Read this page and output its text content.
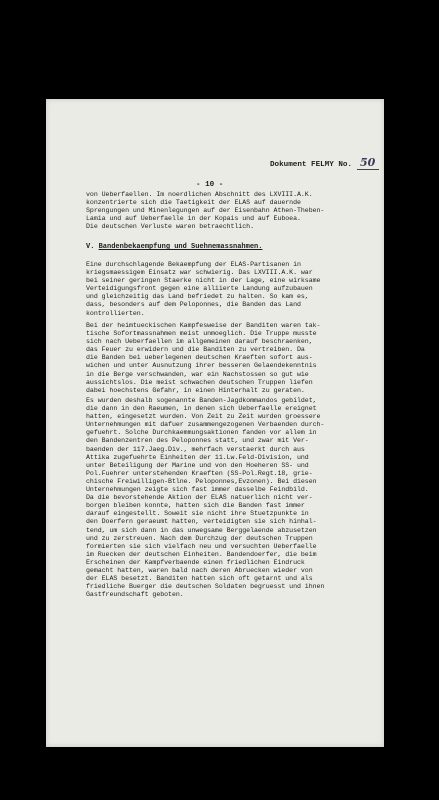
Dokument FELMY No. 50
- 10 -

von Ueberfaellen. Im noerdlichen Abschnitt des LXVIII.A.K.
konzentrierte sich die Taetigkeit der ELAS auf dauernde
Sprengungen und Minenlegungen auf der Eisenbahn Athen-Theben-
Lamia und auf Ueberfaelle in der Kopais und auf Euboea.
Die deutschen Verluste waren betraechtlich.

V. Bandenbekaempfung und Suehnemassnahmen.

Eine durchschlagende Bekaempfung der ELAS-Partisanen in
kriegsmaessigem Einsatz war schwierig. Das LXVIII.A.K. war
bei seiner geringen Staerke nicht in der Lage, eine wirksame
Verteidigungsfront gegen eine alliierte Landung aufzubauen
und gleichzeitig das Land befriedet zu halten. So kam es,
dass, besonders auf dem Peloponnes, die Banden das Land
kontrollierten.

Bei der heimtueckischen Kampfesweise der Banditen waren tak-
tische Sofortmassnahmen meist unmoeglich. Die Truppe musste
sich nach Ueberfaellen im allgemeinen darauf beschraenken,
das Feuer zu erwidern und die Banditen zu vertreiben. Da
die Banden bei ueberlegenen deutschen Kraeften sofort aus-
wichen und unter Ausnutzung ihrer besseren Gelaendekenntnis
in die Berge verschwanden, war ein Nachstossen so gut wie
aussichtslos. Die meist schwachen deutschen Truppen liefen
dabei hoechstens Gefahr, in einen Hinterhalt zu geraten.

Es wurden deshalb sogenannte Banden-Jagdkommandos gebildet,
die dann in den Raeumen, in denen sich Ueberfaelle ereignet
hatten, eingesetzt wurden. Von Zeit zu Zeit wurden groessere
Unternehmungen mit dafuer zusammengezogenen Verbaenden durch-
gefuehrt. Solche Durchkaemmungsaktionen fanden vor allem in
den Bandenzentren des Peloponnes statt, und zwar mit Ver-
baenden der 117.Jaeg.Div., mehrfach verstaerkt durch aus
Attika zugefuehrte Einheiten der 11.Lw.Feld-Division, und
unter Beteiligung der Marine und von den Hoeheren SS- und
Pol.Fuehrer unterstehenden Kraeften (SS-Pol.Regt.18, grie-
chische Freiwilligen-Btlne. Peloponnes,Evzonen). Bei diesen
Unternehmungen zeigte sich fast immer dasselbe Feindbild.
Da die bevorstehende Aktion der ELAS natuerlich nicht ver-
borgen bleiben konnte, hatten sich die Banden fast immer
darauf eingestellt. Soweit sie nicht ihre Stuetzpunkte in
den Doerfern geraeumt hatten, verteidigten sie sich hinhal-
tend, um sich dann in das unwegsame Berggelaende abzusetzen
und zu zerstreuen. Nach dem Durchzug der deutschen Truppen
formierten sie sich vielfach neu und versuchten Ueberfaelle
im Ruecken der deutschen Einheiten. Bandendoerfer, die beim
Erscheinen der Kampfverbaende einen friedlichen Eindruck
gemacht hatten, waren bald nach deren Abruecken wieder von
der ELAS besetzt. Banditen hatten sich oft getarnt und als
friedliche Buerger die deutschen Soldaten begruesst und ihnen
Gastfreundschaft geboten.
